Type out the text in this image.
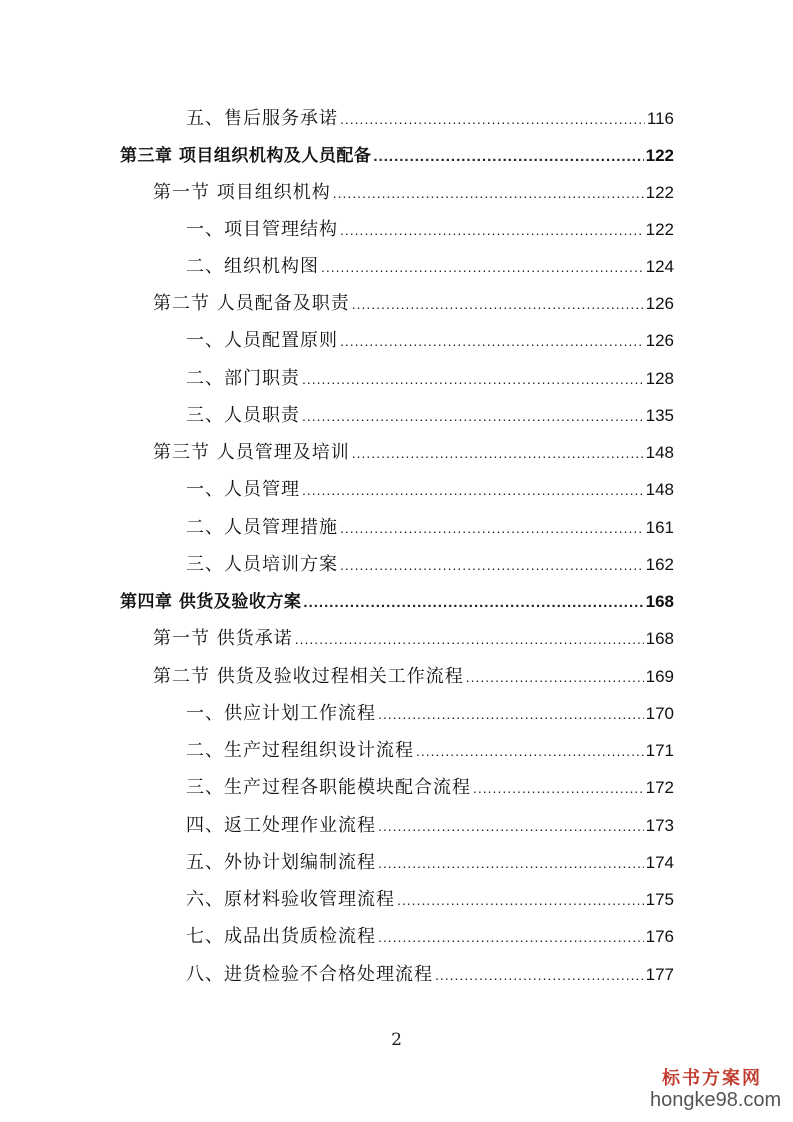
五、售后服务承诺 .....	116
第三章 项目组织机构及人员配备 .....	122
第一节 项目组织机构 .....	122
一、项目管理结构 .....	122
二、组织机构图 .....	124
第二节 人员配备及职责 .....	126
一、人员配置原则 .....	126
二、部门职责 .....	128
三、人员职责 .....	135
第三节 人员管理及培训 .....	148
一、人员管理 .....	148
二、人员管理措施 .....	161
三、人员培训方案 .....	162
第四章 供货及验收方案 .....	168
第一节 供货承诺 .....	168
第二节 供货及验收过程相关工作流程 .....	169
一、供应计划工作流程 .....	170
二、生产过程组织设计流程 .....	171
三、生产过程各职能模块配合流程 .....	172
四、返工处理作业流程 .....	173
五、外协计划编制流程 .....	174
六、原材料验收管理流程 .....	175
七、成品出货质检流程 .....	176
八、进货检验不合格处理流程 .....	177
2
标书方案网
hongke98.com
